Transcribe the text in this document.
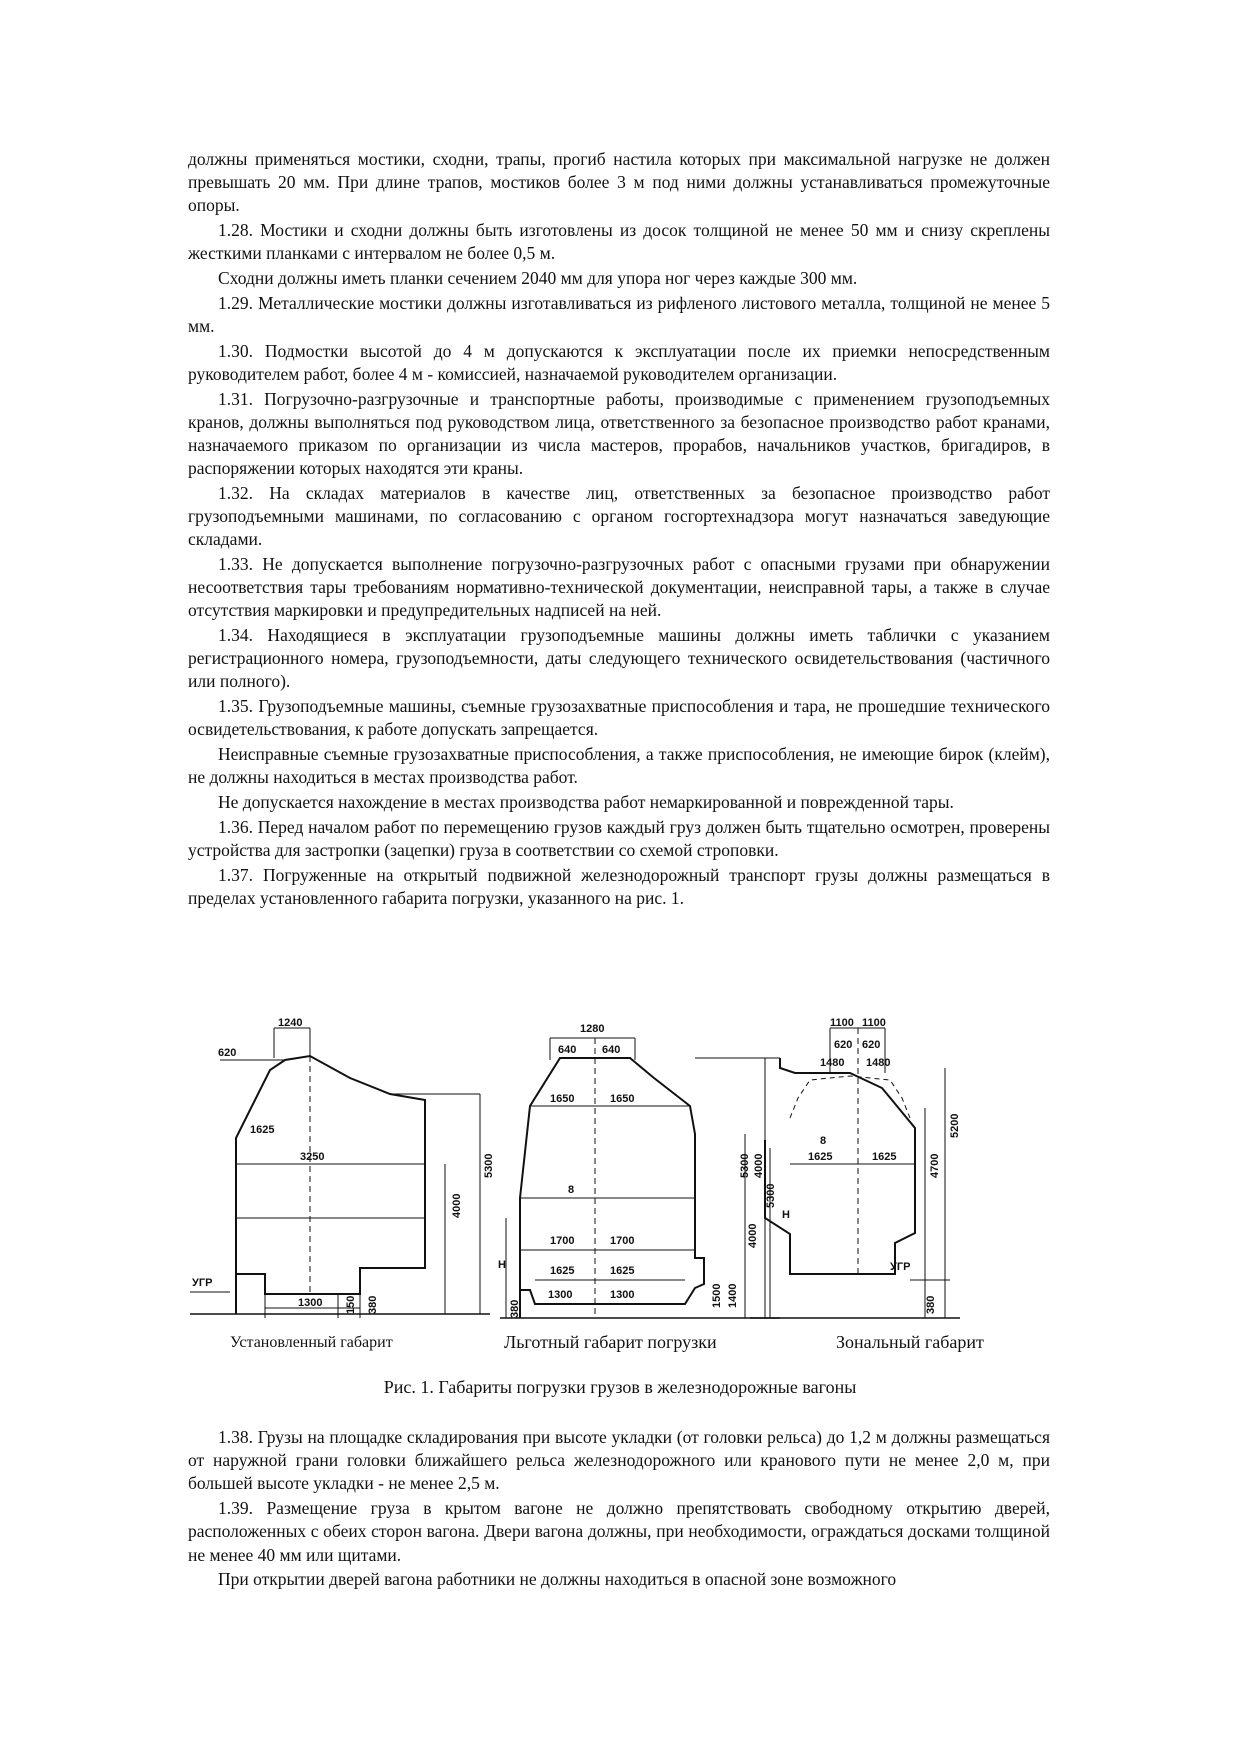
должны применяться мостики, сходни, трапы, прогиб настила которых при максимальной нагрузке не должен превышать 20 мм. При длине трапов, мостиков более 3 м под ними должны устанавливаться промежуточные опоры.

1.28. Мостики и сходни должны быть изготовлены из досок толщиной не менее 50 мм и снизу скреплены жесткими планками с интервалом не более 0,5 м.

Сходни должны иметь планки сечением 2040 мм для упора ног через каждые 300 мм.

1.29. Металлические мостики должны изготавливаться из рифленого листового металла, толщиной не менее 5 мм.

1.30. Подмостки высотой до 4 м допускаются к эксплуатации после их приемки непосредственным руководителем работ, более 4 м - комиссией, назначаемой руководителем организации.

1.31. Погрузочно-разгрузочные и транспортные работы, производимые с применением грузоподъемных кранов, должны выполняться под руководством лица, ответственного за безопасное производство работ кранами, назначаемого приказом по организации из числа мастеров, прорабов, начальников участков, бригадиров, в распоряжении которых находятся эти краны.

1.32. На складах материалов в качестве лиц, ответственных за безопасное производство работ грузоподъемными машинами, по согласованию с органом госгортехнадзора могут назначаться заведующие складами.

1.33. Не допускается выполнение погрузочно-разгрузочных работ с опасными грузами при обнаружении несоответствия тары требованиям нормативно-технической документации, неисправной тары, а также в случае отсутствия маркировки и предупредительных надписей на ней.

1.34. Находящиеся в эксплуатации грузоподъемные машины должны иметь таблички с указанием регистрационного номера, грузоподъемности, даты следующего технического освидетельствования (частичного или полного).

1.35. Грузоподъемные машины, съемные грузозахватные приспособления и тара, не прошедшие технического освидетельствования, к работе допускать запрещается.

Неисправные съемные грузозахватные приспособления, а также приспособления, не имеющие бирок (клейм), не должны находиться в местах производства работ.

Не допускается нахождение в местах производства работ немаркированной и поврежденной тары.

1.36. Перед началом работ по перемещению грузов каждый груз должен быть тщательно осмотрен, проверены устройства для застропки (зацепки) груза в соответствии со схемой строповки.

1.37. Погруженные на открытый подвижной железнодорожный транспорт грузы должны размещаться в пределах установленного габарита погрузки, указанного на рис. 1.

1240
620
1625
3250
4000
5300
УГР
1300 150 380
1280
640 640
1650	1650
8
1700	1700
1625	1625
1300	1300
H
380
1500 1400
4000
5300
1100 1100
620 620
1480 1480
8
1625	1625
5300 4000
H
УГР
4700
5200
380
Установленный габарит	Льготный габарит погрузки	Зональный габарит
Рис. 1. Габариты погрузки грузов в железнодорожные вагоны

1.38. Грузы на площадке складирования при высоте укладки (от головки рельса) до 1,2 м должны размещаться от наружной грани головки ближайшего рельса железнодорожного или кранового пути не менее 2,0 м, при большей высоте укладки - не менее 2,5 м.

1.39. Размещение груза в крытом вагоне не должно препятствовать свободному открытию дверей, расположенных с обеих сторон вагона. Двери вагона должны, при необходимости, ограждаться досками толщиной не менее 40 мм или щитами.

При открытии дверей вагона работники не должны находиться в опасной зоне возможного
